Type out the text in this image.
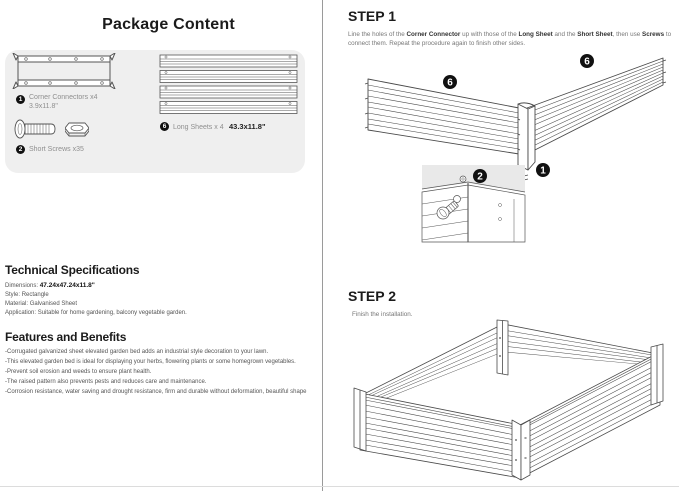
Package Content
1 Corner Connectors x4
3.9x11.8"
2 Short Screws x35
6 Long Sheets x 4 43.3x11.8"
Technical Specifications
Dimensions: 47.24x47.24x11.8"
Style: Rectangle
Material: Galvanised Sheet
Application: Suitable for home gardening, balcony vegetable garden.
Features and Benefits
-Corrugated galvanized sheet elevated garden bed adds an industrial style decoration to your lawn.
-This elevated garden bed is ideal for displaying your herbs, flowering plants or some homegrown vegetables.
-Prevent soil erosion and weeds to ensure plant health.
-The raised pattern also prevents pests and reduces care and maintenance.
-Corrosion resistance, water saving and drought resistance, firm and durable without deformation, beautiful shape
STEP 1
Line the holes of the Corner Connector up with those of the Long Sheet and the Short Sheet, then use Screws to connect them. Repeat the procedure again to finish other sides.
6
6
1
2
STEP 2
Finish the installation.
